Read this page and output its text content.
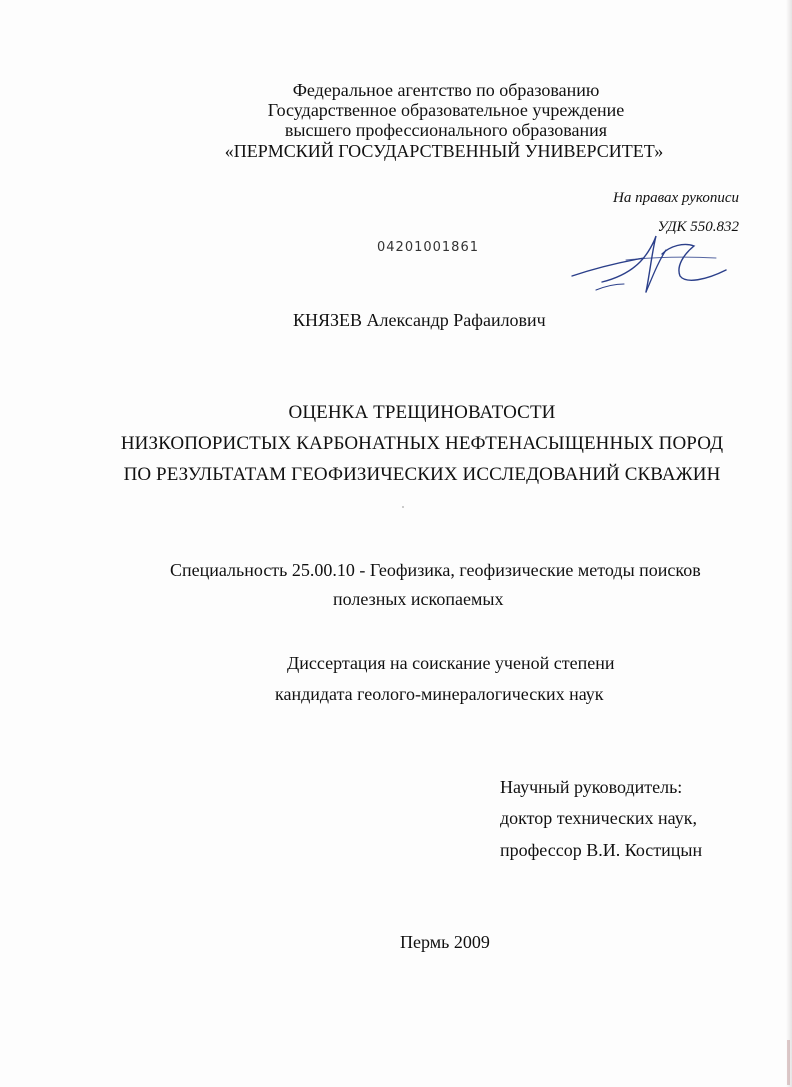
Федеральное агентство по образованию
Государственное образовательное учреждение
высшего профессионального образования
«ПЕРМСКИЙ ГОСУДАРСТВЕННЫЙ УНИВЕРСИТЕТ»
На правах рукописи
УДК 550.832
04201001861
КНЯЗЕВ Александр Рафаилович
ОЦЕНКА ТРЕЩИНОВАТОСТИ
НИЗКОПОРИСТЫХ КАРБОНАТНЫХ НЕФТЕНАСЫЩЕННЫХ ПОРОД
ПО РЕЗУЛЬТАТАМ ГЕОФИЗИЧЕСКИХ ИССЛЕДОВАНИЙ СКВАЖИН
Специальность 25.00.10 - Геофизика, геофизические методы поисков
полезных ископаемых
Диссертация на соискание ученой степени
кандидата геолого-минералогических наук
Научный руководитель:
доктор технических наук,
профессор В.И. Костицын
Пермь 2009
